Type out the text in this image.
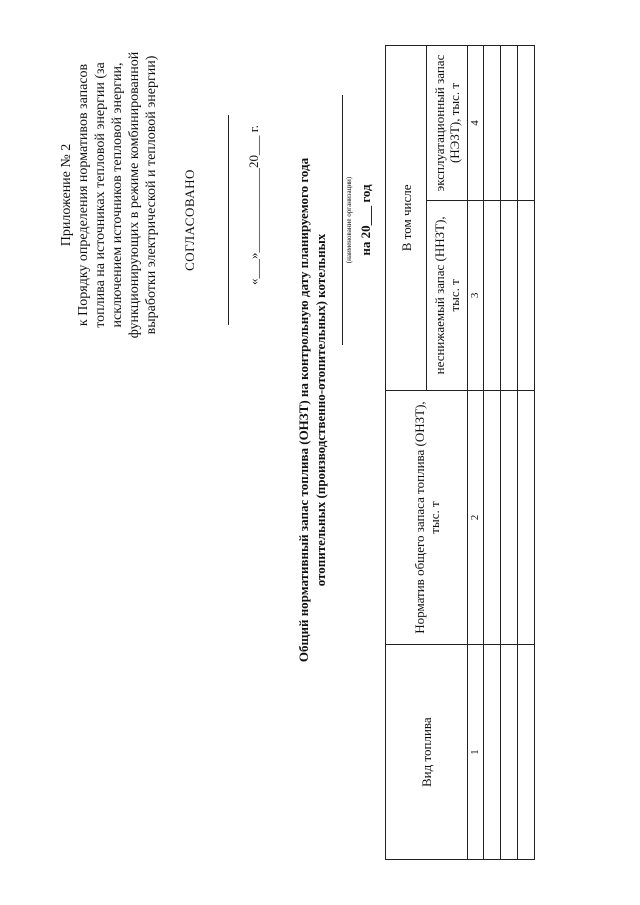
Приложение № 2 к Порядку определения нормативов запасов топлива на источниках тепловой энергии (за исключением источников тепловой энергии, функционирующих в режиме комбинированной выработки электрической и тепловой энергии) СОГЛАСОВАНО	«___»_____________20___ г.	Общий нормативный запас топлива (ОНЗТ) на контрольную дату планируемого года отопительных (производственно-отопительных) котельных
(наименование организации) на 20___ год
Вид топлива	Норматив общего запаса топлива (ОНЗТ), тыс. т	В том числе	
		неснижаемый запас (ННЗТ), тыс. т	эксплуатационный запас (НЭЗТ), тыс. т
1	2	3	4
